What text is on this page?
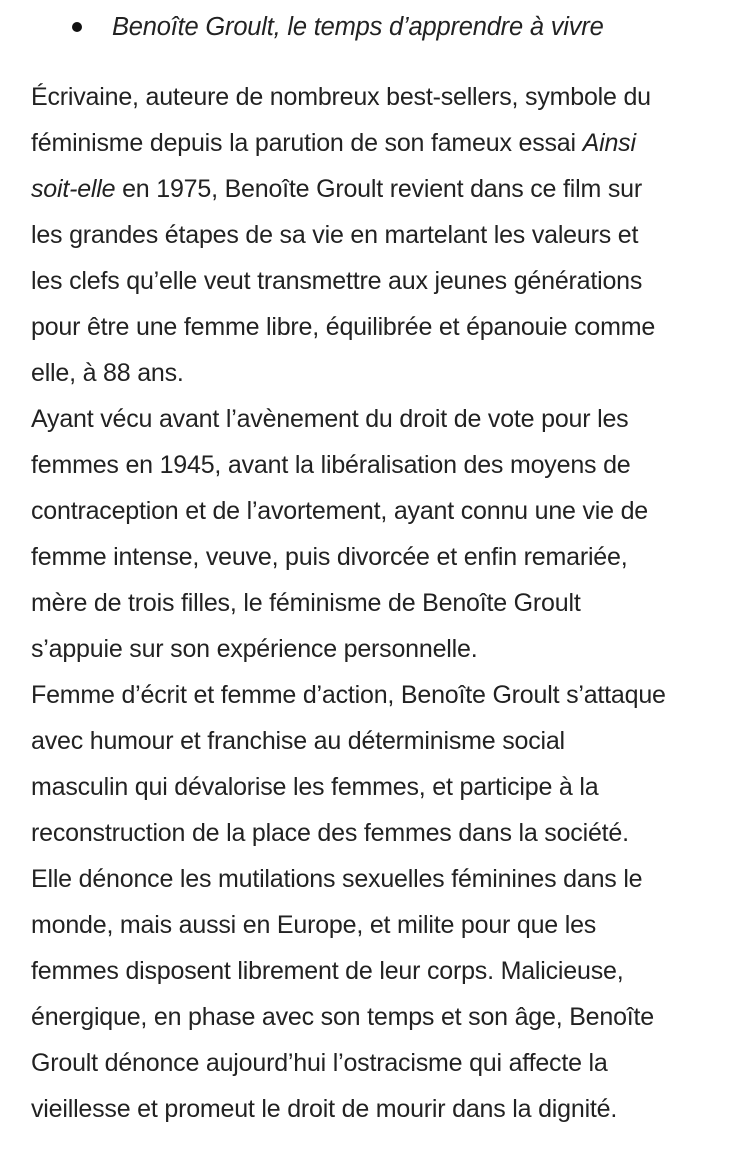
Benoîte Groult, le temps d’apprendre à vivre
Écrivaine, auteure de nombreux best-sellers, symbole du
féminisme depuis la parution de son fameux essai Ainsi
soit-elle en 1975, Benoîte Groult revient dans ce film sur
les grandes étapes de sa vie en martelant les valeurs et
les clefs qu’elle veut transmettre aux jeunes générations
pour être une femme libre, équilibrée et épanouie comme
elle, à 88 ans.
Ayant vécu avant l’avènement du droit de vote pour les
femmes en 1945, avant la libéralisation des moyens de
contraception et de l’avortement, ayant connu une vie de
femme intense, veuve, puis divorcée et enfin remariée,
mère de trois filles, le féminisme de Benoîte Groult
s’appuie sur son expérience personnelle.
Femme d’écrit et femme d’action, Benoîte Groult s’attaque
avec humour et franchise au déterminisme social
masculin qui dévalorise les femmes, et participe à la
reconstruction de la place des femmes dans la société.
Elle dénonce les mutilations sexuelles féminines dans le
monde, mais aussi en Europe, et milite pour que les
femmes disposent librement de leur corps. Malicieuse,
énergique, en phase avec son temps et son âge, Benoîte
Groult dénonce aujourd’hui l’ostracisme qui affecte la
vieillesse et promeut le droit de mourir dans la dignité.
